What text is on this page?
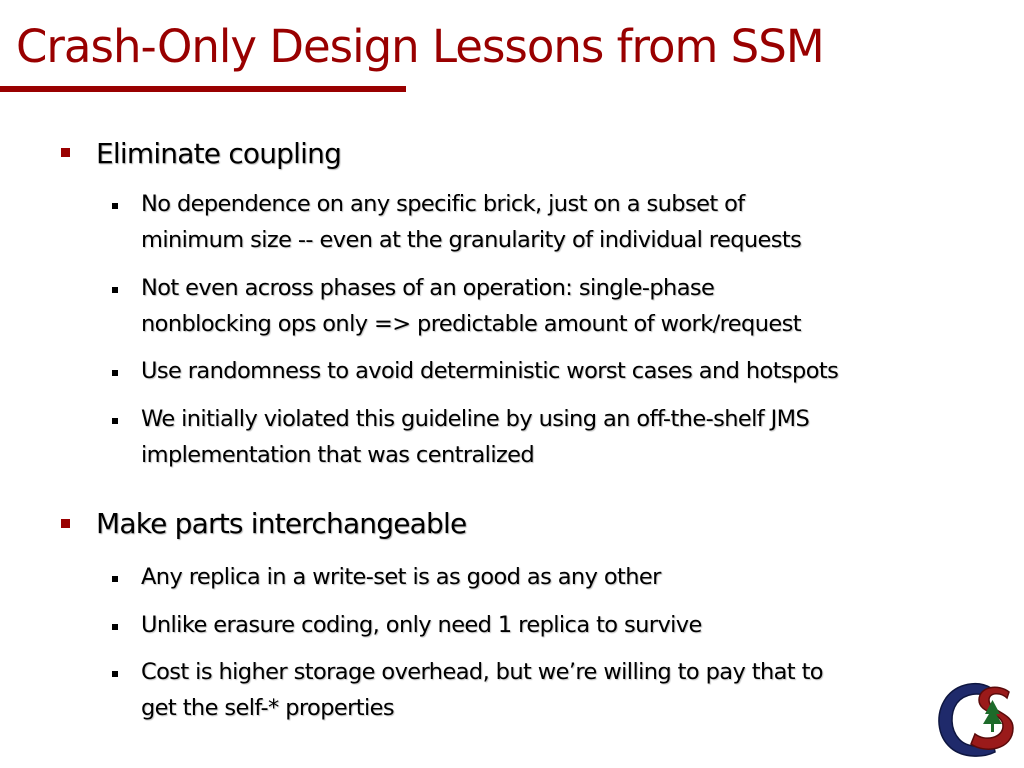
Crash-Only Design Lessons from SSM
Eliminate coupling
No dependence on any specific brick, just on a subset of
minimum size -- even at the granularity of individual requests
Not even across phases of an operation: single-phase
nonblocking ops only => predictable amount of work/request
Use randomness to avoid deterministic worst cases and hotspots
We initially violated this guideline by using an off-the-shelf JMS
implementation that was centralized
Make parts interchangeable
Any replica in a write-set is as good as any other
Unlike erasure coding, only need 1 replica to survive
Cost is higher storage overhead, but we’re willing to pay that to
get the self-* properties
